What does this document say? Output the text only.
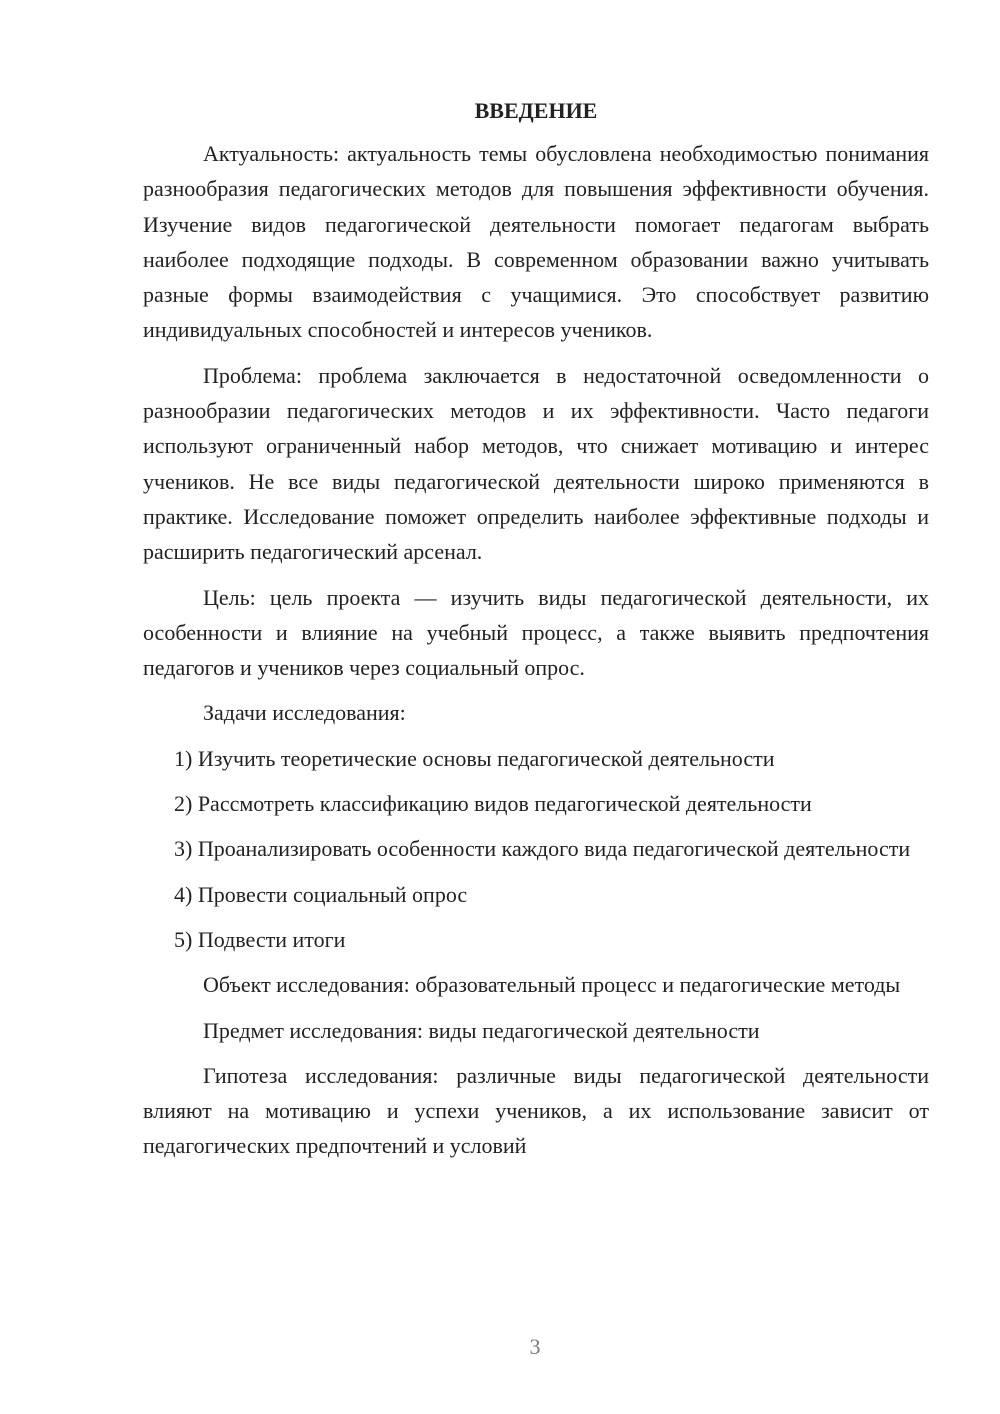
ВВЕДЕНИЕ
Актуальность: актуальность темы обусловлена необходимостью понимания разнообразия педагогических методов для повышения эффективности обучения. Изучение видов педагогической деятельности помогает педагогам выбрать наиболее подходящие подходы. В современном образовании важно учитывать разные формы взаимодействия с учащимися. Это способствует развитию индивидуальных способностей и интересов учеников.
Проблема: проблема заключается в недостаточной осведомленности о разнообразии педагогических методов и их эффективности. Часто педагоги используют ограниченный набор методов, что снижает мотивацию и интерес учеников. Не все виды педагогической деятельности широко применяются в практике. Исследование поможет определить наиболее эффективные подходы и расширить педагогический арсенал.
Цель: цель проекта — изучить виды педагогической деятельности, их особенности и влияние на учебный процесс, а также выявить предпочтения педагогов и учеников через социальный опрос.
Задачи исследования:
1) Изучить теоретические основы педагогической деятельности
2) Рассмотреть классификацию видов педагогической деятельности
3) Проанализировать особенности каждого вида педагогической деятельности
4) Провести социальный опрос
5) Подвести итоги
Объект исследования: образовательный процесс и педагогические методы
Предмет исследования: виды педагогической деятельности
Гипотеза исследования: различные виды педагогической деятельности влияют на мотивацию и успехи учеников, а их использование зависит от педагогических предпочтений и условий
3
